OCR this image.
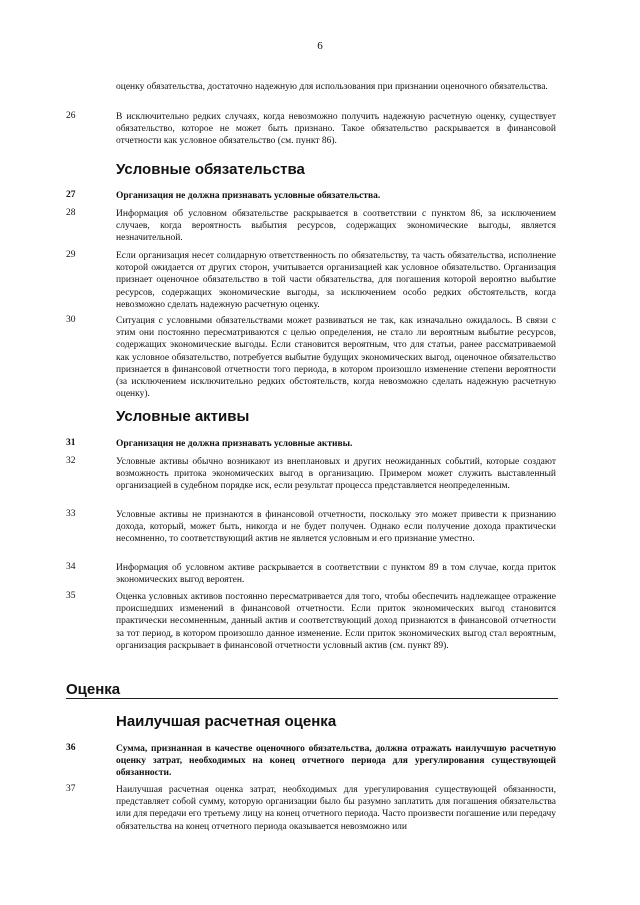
6
оценку обязательства, достаточно надежную для использования при признании оценочного обязательства.
26	В исключительно редких случаях, когда невозможно получить надежную расчетную оценку, существует обязательство, которое не может быть признано. Такое обязательство раскрывается в финансовой отчетности как условное обязательство (см. пункт 86).
Условные обязательства
27	Организация не должна признавать условные обязательства.
28	Информация об условном обязательстве раскрывается в соответствии с пунктом 86, за исключением случаев, когда вероятность выбытия ресурсов, содержащих экономические выгоды, является незначительной.
29	Если организация несет солидарную ответственность по обязательству, та часть обязательства, исполнение которой ожидается от других сторон, учитывается организацией как условное обязательство. Организация признает оценочное обязательство в той части обязательства, для погашения которой вероятно выбытие ресурсов, содержащих экономические выгоды, за исключением особо редких обстоятельств, когда невозможно сделать надежную расчетную оценку.
30	Ситуация с условными обязательствами может развиваться не так, как изначально ожидалось. В связи с этим они постоянно пересматриваются с целью определения, не стало ли вероятным выбытие ресурсов, содержащих экономические выгоды. Если становится вероятным, что для статьи, ранее рассматриваемой как условное обязательство, потребуется выбытие будущих экономических выгод, оценочное обязательство признается в финансовой отчетности того периода, в котором произошло изменение степени вероятности (за исключением исключительно редких обстоятельств, когда невозможно сделать надежную расчетную оценку).
Условные активы
31	Организация не должна признавать условные активы.
32	Условные активы обычно возникают из внеплановых и других неожиданных событий, которые создают возможность притока экономических выгод в организацию. Примером может служить выставленный организацией в судебном порядке иск, если результат процесса представляется неопределенным.
33	Условные активы не признаются в финансовой отчетности, поскольку это может привести к признанию дохода, который, может быть, никогда и не будет получен. Однако если получение дохода практически несомненно, то соответствующий актив не является условным и его признание уместно.
34	Информация об условном активе раскрывается в соответствии с пунктом 89 в том случае, когда приток экономических выгод вероятен.
35	Оценка условных активов постоянно пересматривается для того, чтобы обеспечить надлежащее отражение происшедших изменений в финансовой отчетности. Если приток экономических выгод становится практически несомненным, данный актив и соответствующий доход признаются в финансовой отчетности за тот период, в котором произошло данное изменение. Если приток экономических выгод стал вероятным, организация раскрывает в финансовой отчетности условный актив (см. пункт 89).
Оценка
Наилучшая расчетная оценка
36	Сумма, признанная в качестве оценочного обязательства, должна отражать наилучшую расчетную оценку затрат, необходимых на конец отчетного периода для урегулирования существующей обязанности.
37	Наилучшая расчетная оценка затрат, необходимых для урегулирования существующей обязанности, представляет собой сумму, которую организации было бы разумно заплатить для погашения обязательства или для передачи его третьему лицу на конец отчетного периода. Часто произвести погашение или передачу обязательства на конец отчетного периода оказывается невозможно или
